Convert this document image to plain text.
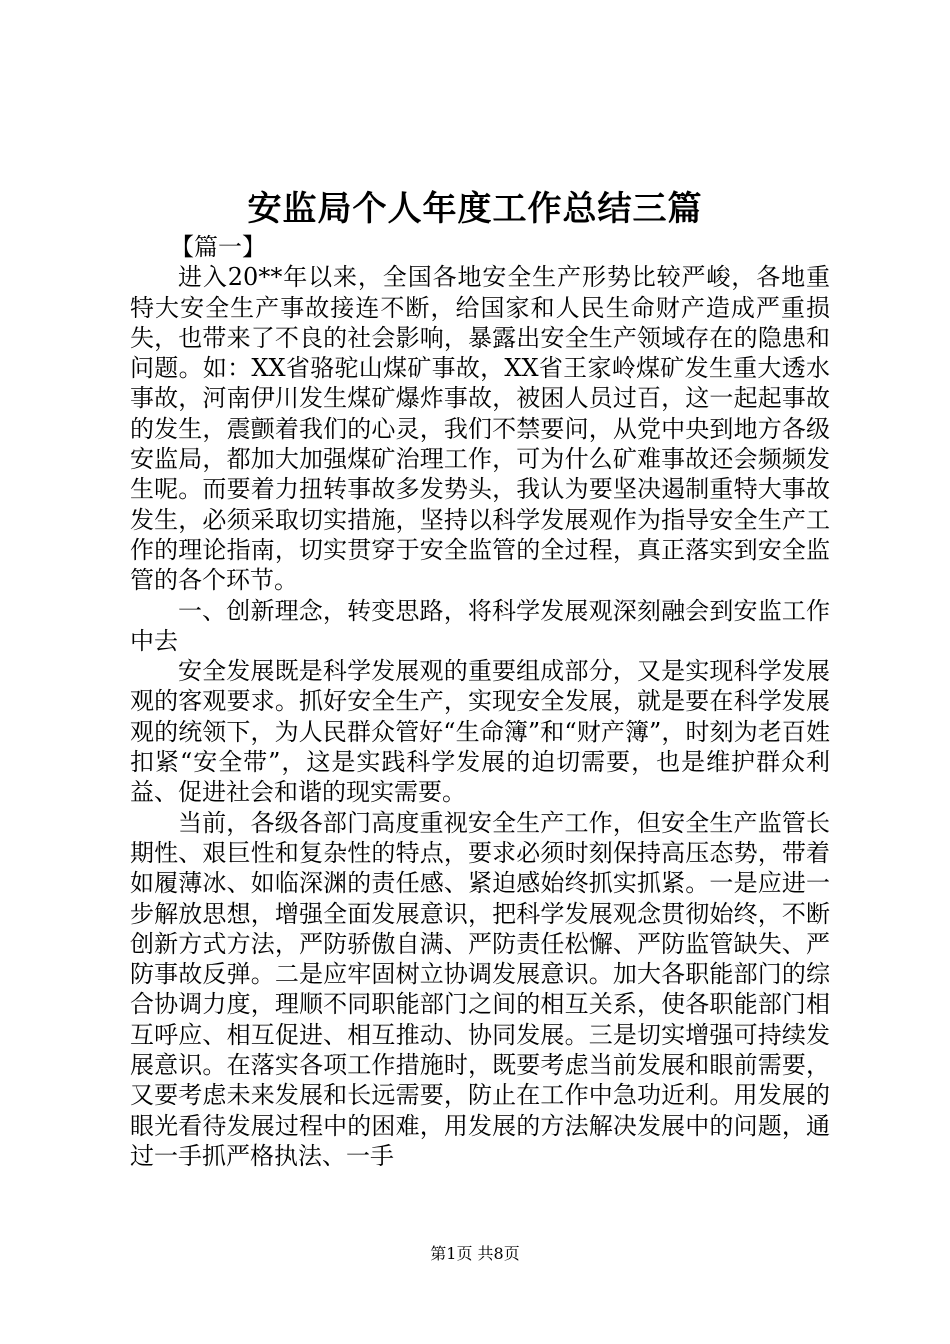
安监局个人年度工作总结三篇

【篇一】

进入20**年以来，全国各地安全生产形势比较严峻，各地重特大安全生产事故接连不断，给国家和人民生命财产造成严重损失，也带来了不良的社会影响，暴露出安全生产领域存在的隐患和问题。如：XX省骆驼山煤矿事故，XX省王家岭煤矿发生重大透水事故，河南伊川发生煤矿爆炸事故，被困人员过百，这一起起事故的发生，震颤着我们的心灵，我们不禁要问，从党中央到地方各级安监局，都加大加强煤矿治理工作，可为什么矿难事故还会频频发生呢。而要着力扭转事故多发势头，我认为要坚决遏制重特大事故发生，必须采取切实措施，坚持以科学发展观作为指导安全生产工作的理论指南，切实贯穿于安全监管的全过程，真正落实到安全监管的各个环节。

一、创新理念，转变思路，将科学发展观深刻融会到安监工作中去

安全发展既是科学发展观的重要组成部分，又是实现科学发展观的客观要求。抓好安全生产，实现安全发展，就是要在科学发展观的统领下，为人民群众管好“生命簿”和“财产簿”，时刻为老百姓扣紧“安全带”，这是实践科学发展的迫切需要，也是维护群众利益、促进社会和谐的现实需要。

当前，各级各部门高度重视安全生产工作，但安全生产监管长期性、艰巨性和复杂性的特点，要求必须时刻保持高压态势，带着如履薄冰、如临深渊的责任感、紧迫感始终抓实抓紧。一是应进一步解放思想，增强全面发展意识，把科学发展观念贯彻始终，不断创新方式方法，严防骄傲自满、严防责任松懈、严防监管缺失、严防事故反弹。二是应牢固树立协调发展意识。加大各职能部门的综合协调力度，理顺不同职能部门之间的相互关系，使各职能部门相互呼应、相互促进、相互推动、协同发展。三是切实增强可持续发展意识。在落实各项工作措施时，既要考虑当前发展和眼前需要，又要考虑未来发展和长远需要，防止在工作中急功近利。用发展的眼光看待发展过程中的困难，用发展的方法解决发展中的问题，通过一手抓严格执法、一手

第1页 共8页
